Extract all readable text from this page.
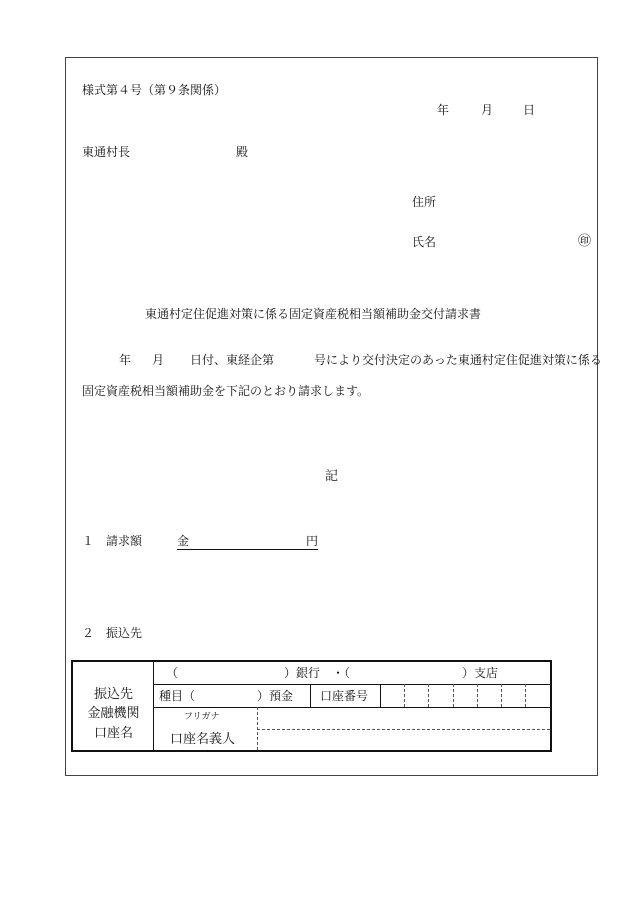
様式第４号（第９条関係）
年	月 日
東通村長	殿
住所
氏名	㊞
東通村定住促進対策に係る固定資産税相当額補助金交付請求書
年 月 日付、東経企第	号により交付決定のあった東通村定住促進対策に係る
固定資産税相当額補助金を下記のとおり請求します。
記
１　請求額	金	円
２　振込先
振込先
金融機関
口座名
（	）銀行　・（	）支店
種目（	）預金 口座番号
フリガナ
口座名義人
